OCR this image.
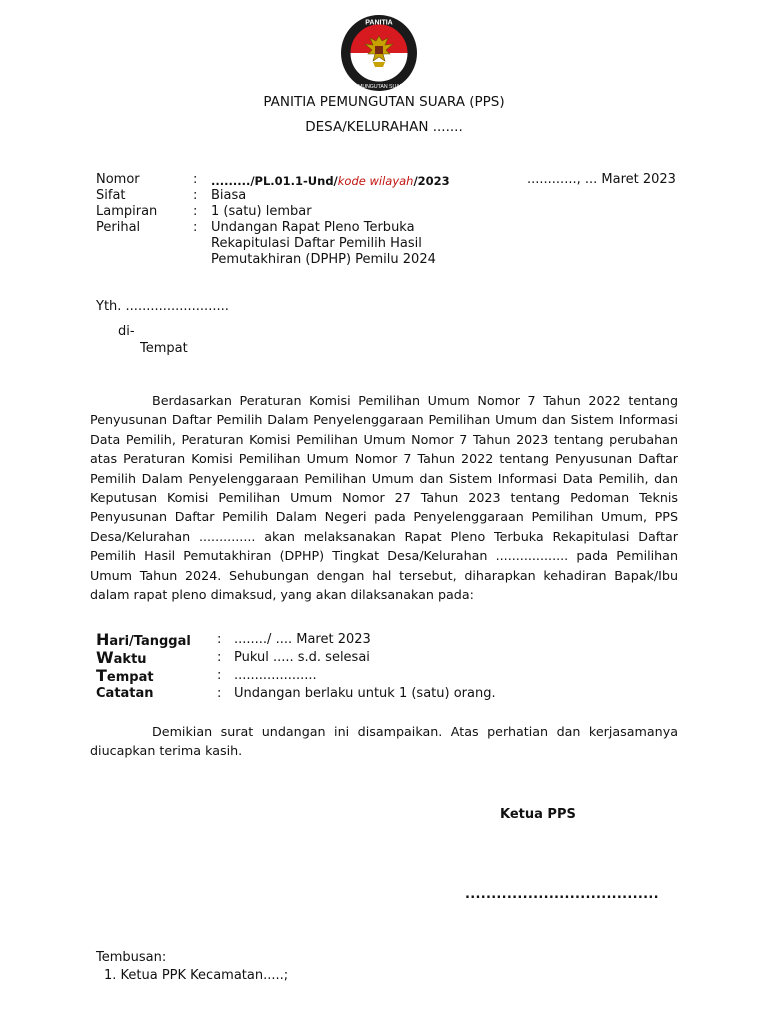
PANITIA
PEMUNGUTAN SUARA
PANITIA PEMUNGUTAN SUARA (PPS)
DESA/KELURAHAN .......
Nomor	: ........./PL.01.1-Und/kode wilayah/2023	............, ... Maret 2023
Sifat	: Biasa
Lampiran	: 1 (satu) lembar
Perihal	: Undangan Rapat Pleno Terbuka
Rekapitulasi Daftar Pemilih Hasil
Pemutakhiran (DPHP) Pemilu 2024
Yth. .........................
di-
Tempat
Berdasarkan Peraturan Komisi Pemilihan Umum Nomor 7 Tahun 2022 tentang Penyusunan Daftar Pemilih Dalam Penyelenggaraan Pemilihan Umum dan Sistem Informasi Data Pemilih, Peraturan Komisi Pemilihan Umum Nomor 7 Tahun 2023 tentang perubahan atas Peraturan Komisi Pemilihan Umum Nomor 7 Tahun 2022 tentang Penyusunan Daftar Pemilih Dalam Penyelenggaraan Pemilihan Umum dan Sistem Informasi Data Pemilih, dan Keputusan Komisi Pemilihan Umum Nomor 27 Tahun 2023 tentang Pedoman Teknis Penyusunan Daftar Pemilih Dalam Negeri pada Penyelenggaraan Pemilihan Umum, PPS Desa/Kelurahan .............. akan melaksanakan Rapat Pleno Terbuka Rekapitulasi Daftar Pemilih Hasil Pemutakhiran (DPHP) Tingkat Desa/Kelurahan .................. pada Pemilihan Umum Tahun 2024. Sehubungan dengan hal tersebut, diharapkan kehadiran Bapak/Ibu dalam rapat pleno dimaksud, yang akan dilaksanakan pada:
Hari/Tanggal : ......../ .... Maret 2023
Waktu	: Pukul ..... s.d. selesai
Tempat	: ....................
Catatan	: Undangan berlaku untuk 1 (satu) orang.
Demikian surat undangan ini disampaikan. Atas perhatian dan kerjasamanya diucapkan terima kasih.
Ketua PPS
.....................................
Tembusan:
1. Ketua PPK Kecamatan.....;
